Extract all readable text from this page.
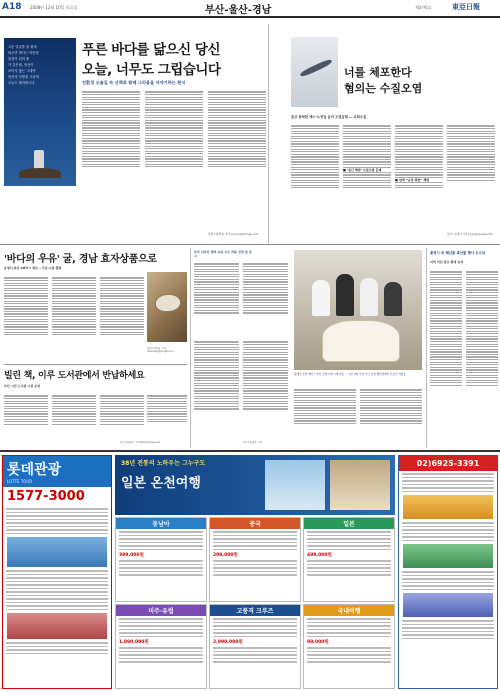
A18 2008년 12월 10일 목요일	부산-울산-경남	제2만6호	東亞日報
고운 얼굴을 물 위에
띄우면 바다는 따뜻한
물결이 되어 줄
거 같은데, 당신이
보이지 않는 그대여
당신의 사랑을 그리며
오늘도 바라봅니다
푸른 바다를 닮으신 당신
오늘, 너무도 그립습니다
친환경 오솔길 속 산책과 함께 그리움을 이야기하는 편지
부산=최세영 기자 sychoi@donga.com
너를 체포한다
혐의는 수질오염
울산 화학판 예스·누적일 늘어 오염실태 — 조회수집
■ ‘질긴 해면’ 수질오염 문제
■ 업계 “규정 위반” 해명
울산=정재락 기자 jrjung@donga.com
'바다의 우유' 굴, 경남 효자상품으로
통영서 하루 6백여 t 생산… 가공·수출 활발
통영=강정훈 기자 manman@donga.com
빌린 책, 이루 도서관에서 반납하세요
부산 시민 도서관 시범 운영
부산=윤희각 기자 toto@donga.com
부산 디자인 센터 교육 우수 작품 선정 및 전시
갈매기 모양 케이크 부산 호텔 파티시에 작품 … 지난 9일 부산 서구 호텔 행사장에서 선보인 작품들.
부산=윤희각 기자
통영시 외 해산물 특산물 행사 우수상
지역 어민 판로 확대 효과
롯데관광
LOTTE TOUR
1577-3000
38년 전통의 노하우는 그누구도
일본 온천여행
동남아
399,000원
중국
299,000원
일본
499,000원
미주·유럽
1,890,000원
고품격 크루즈
2,990,000원
국내여행
89,000원
02)6925-3391
